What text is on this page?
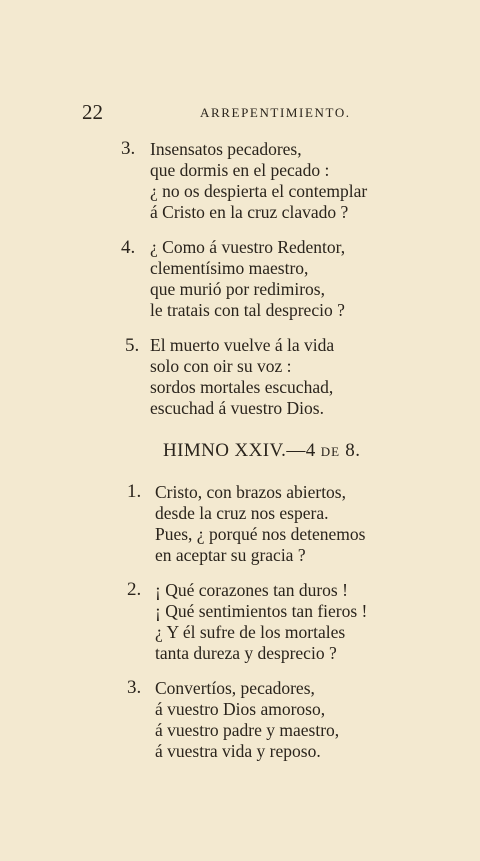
22	ARREPENTIMIENTO.
3. Insensatos pecadores,
que dormis en el pecado :
¿ no os despierta el contemplar
á Cristo en la cruz clavado ?
4. ¿ Como á vuestro Redentor,
clementísimo maestro,
que murió por redimiros,
le tratais con tal desprecio ?
5. El muerto vuelve á la vida
solo con oir su voz :
sordos mortales escuchad,
escuchad á vuestro Dios.
HIMNO XXIV.—4 DE 8.
1. Cristo, con brazos abiertos,
desde la cruz nos espera.
Pues, ¿ porqué nos detenemos
en aceptar su gracia ?
2. ¡ Qué corazones tan duros !
¡ Qué sentimientos tan fieros !
¿ Y él sufre de los mortales
tanta dureza y desprecio ?
3. Convertíos, pecadores,
á vuestro Dios amoroso,
á vuestro padre y maestro,
á vuestra vida y reposo.
